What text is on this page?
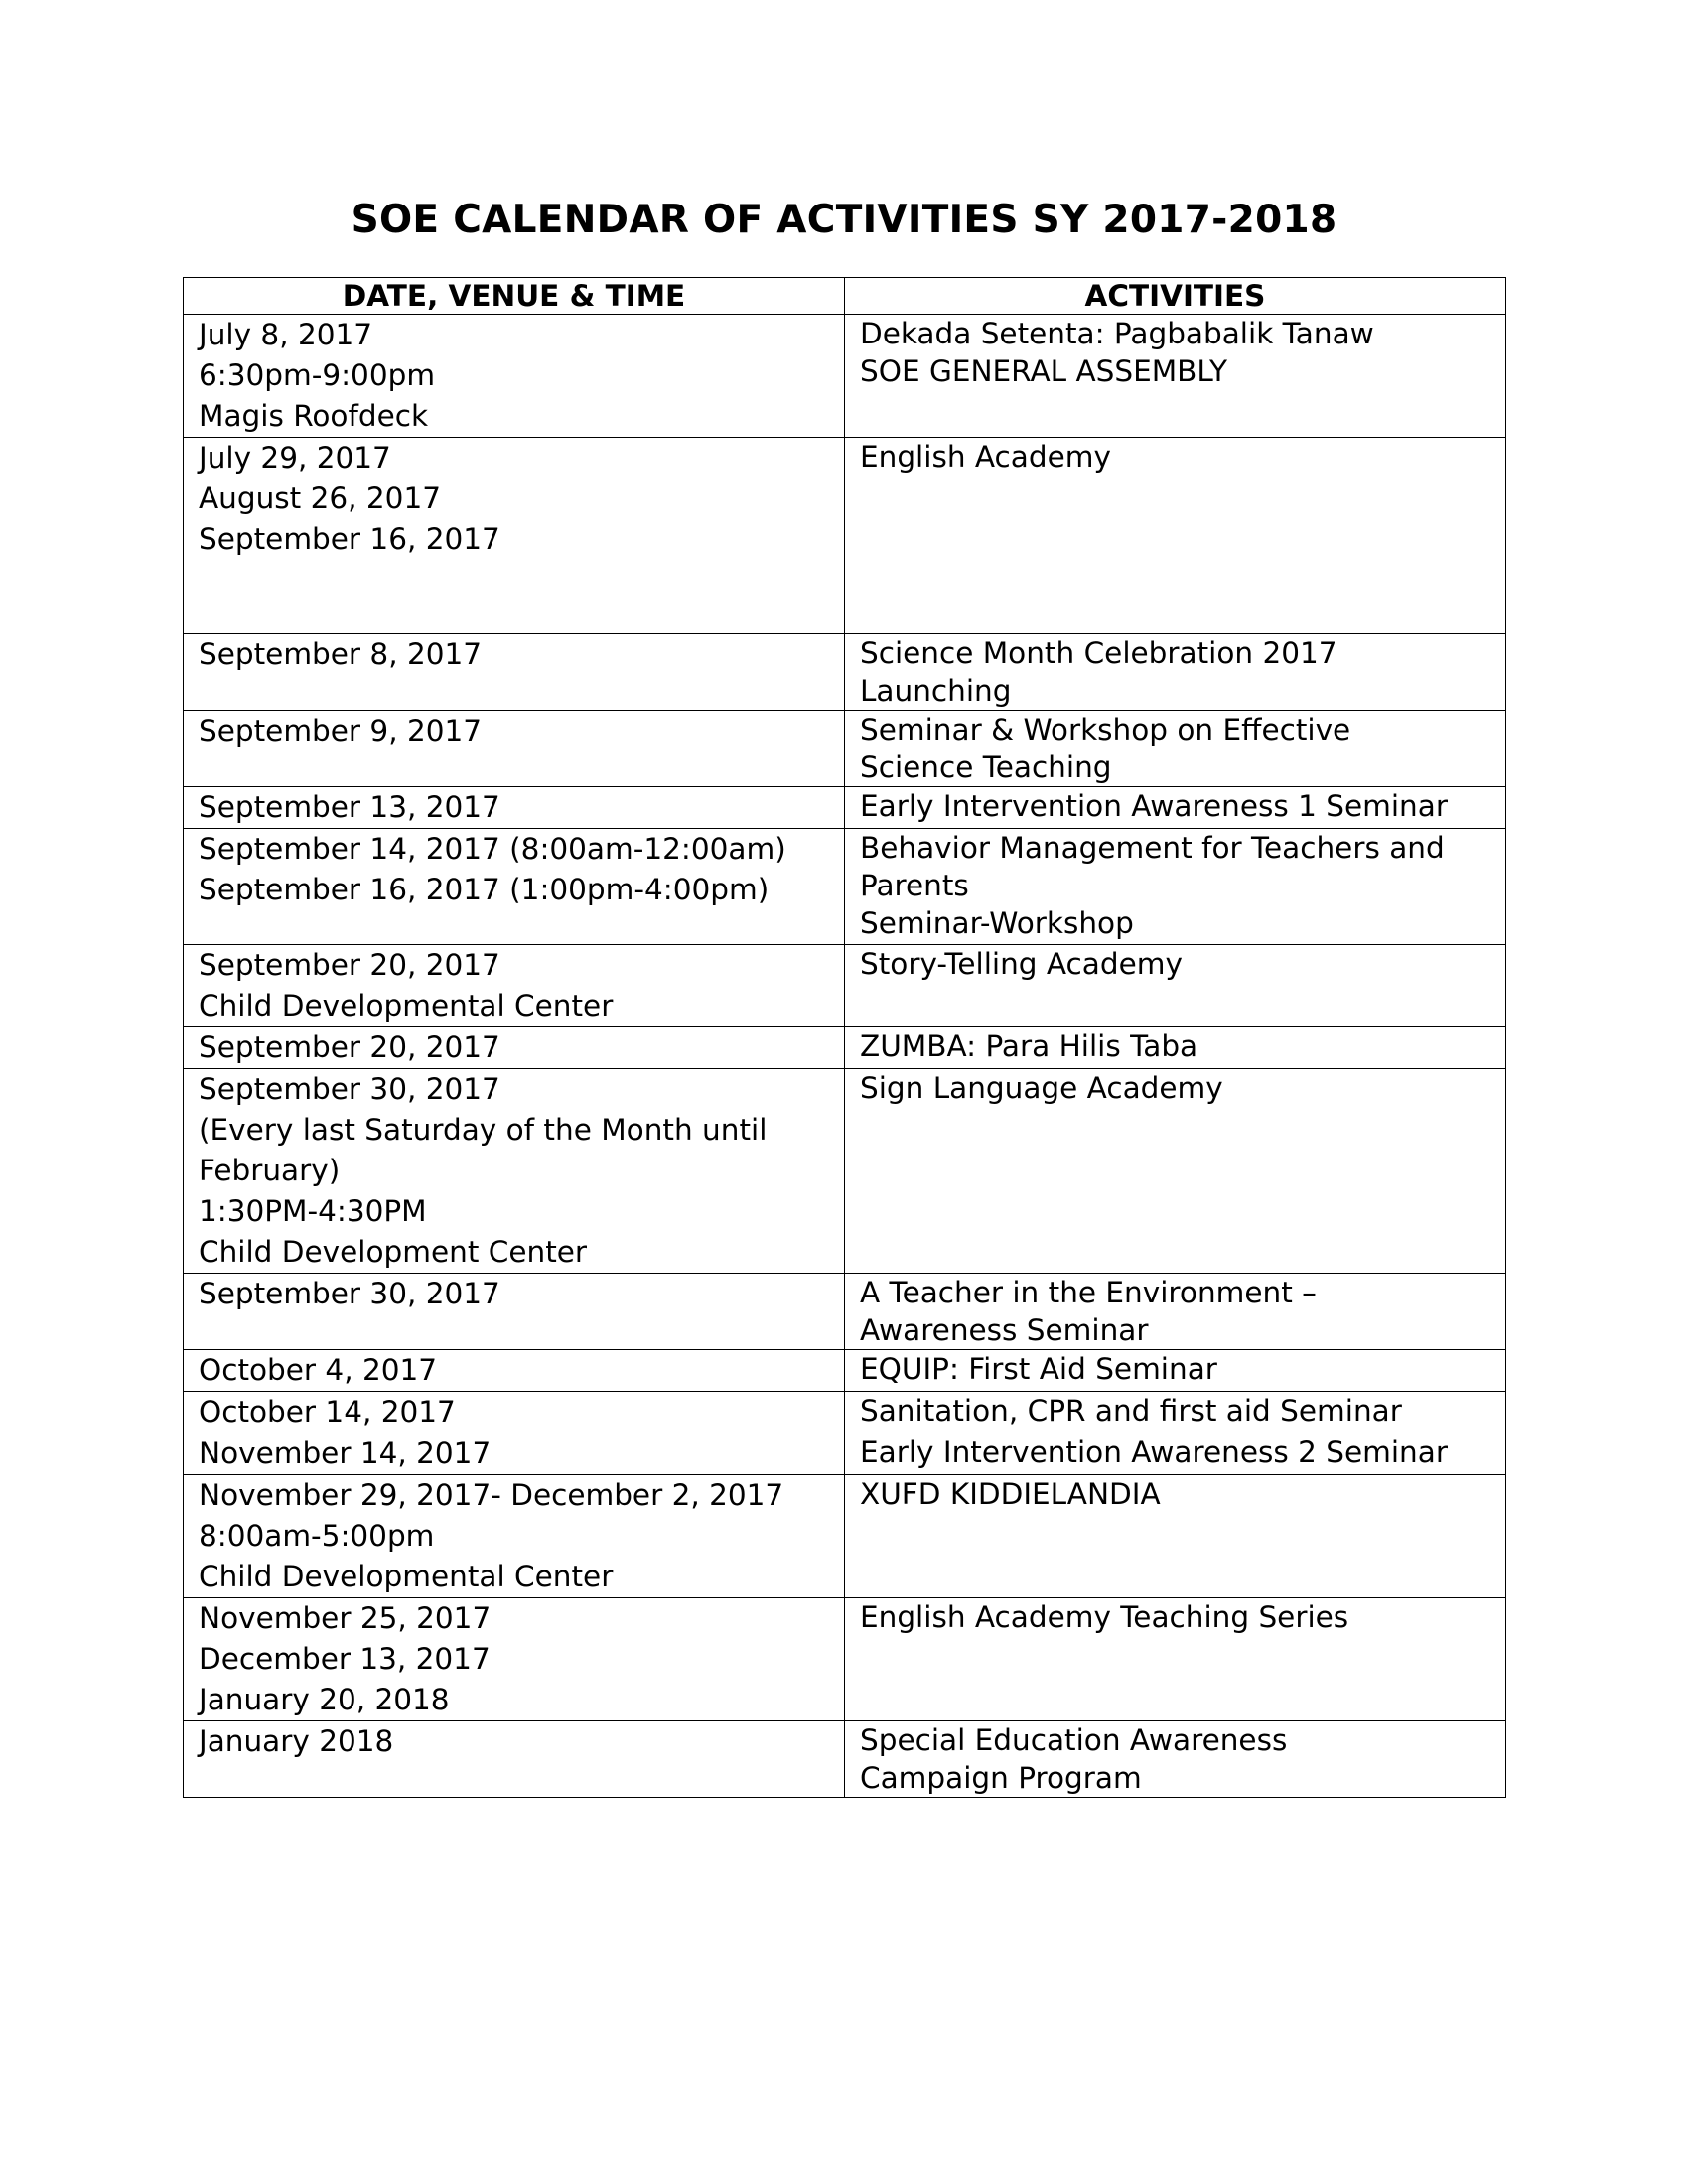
SOE CALENDAR OF ACTIVITIES SY 2017-2018
DATE, VENUE & TIME	ACTIVITIES

July 8, 2017
6:30pm-9:00pm
Magis Roofdeck	Dekada Setenta: Pagbabalik Tanaw
SOE GENERAL ASSEMBLY

July 29, 2017
August 26, 2017
September 16, 2017	English Academy

September 8, 2017	Science Month Celebration 2017
Launching

September 9, 2017	Seminar & Workshop on Effective
Science Teaching

September 13, 2017	Early Intervention Awareness 1 Seminar

September 14, 2017 (8:00am-12:00am)
September 16, 2017 (1:00pm-4:00pm)	Behavior Management for Teachers and
Parents
Seminar-Workshop

September 20, 2017
Child Developmental Center	Story-Telling Academy

September 20, 2017	ZUMBA: Para Hilis Taba

September 30, 2017
(Every last Saturday of the Month until
February)
1:30PM-4:30PM
Child Development Center	Sign Language Academy

September 30, 2017	A Teacher in the Environment –
Awareness Seminar

October 4, 2017	EQUIP: First Aid Seminar

October 14, 2017	Sanitation, CPR and first aid Seminar

November 14, 2017	Early Intervention Awareness 2 Seminar

November 29, 2017- December 2, 2017
8:00am-5:00pm
Child Developmental Center	XUFD KIDDIELANDIA

November 25, 2017
December 13, 2017
January 20, 2018	English Academy Teaching Series

January 2018	Special Education Awareness
Campaign Program
